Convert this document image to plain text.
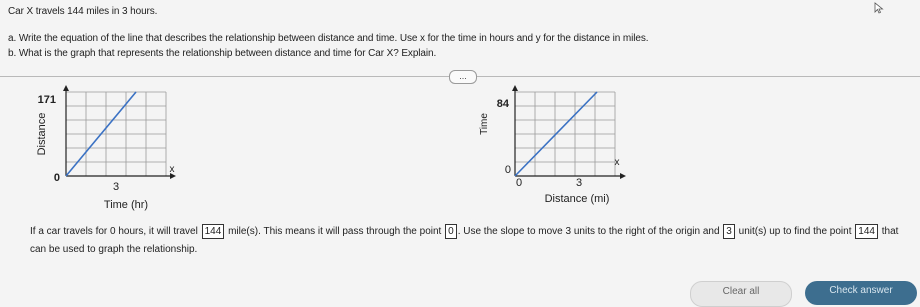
Car X travels 144 miles in 3 hours.
a. Write the equation of the line that describes the relationship between distance and time. Use x for the time in hours and y for the distance in miles.
b. What is the graph that represents the relationship between distance and time for Car X? Explain.
...
171
0
3
x
Time (hr)
Distance
84
0
0	3
x
Distance (mi)
Time
If a car travels for 0 hours, it will travel 144 mile(s). This means it will pass through the point 0 . Use the slope to move 3 units to the right of the origin and 3 unit(s) up to find the point 144 that can be used to graph the relationship.
Clear all	Check answer
